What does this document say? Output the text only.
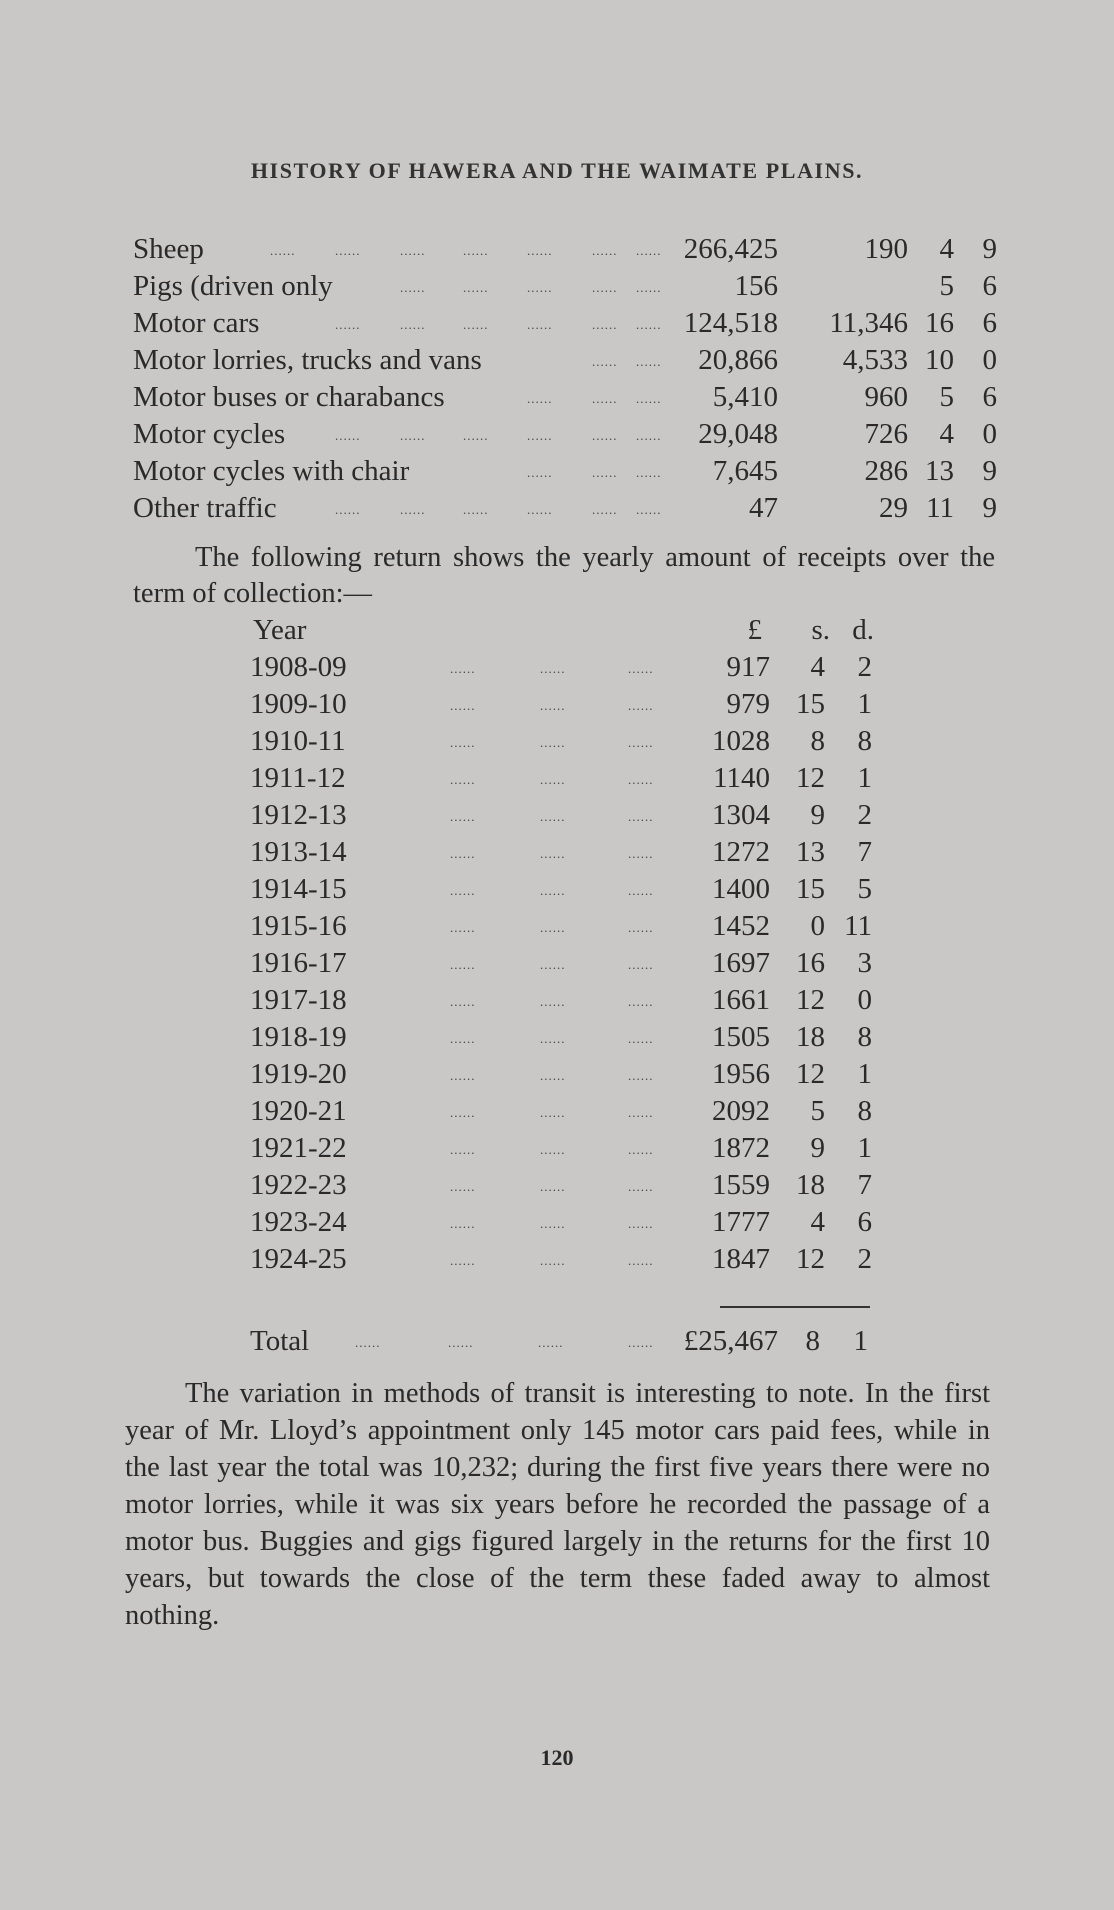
HISTORY OF HAWERA AND THE WAIMATE PLAINS.
Sheep	......	......	......	......	......	...... ...... 266,425	190	4 9
Pigs (driven only	......	......	......	...... ......	156	5 6
Motor cars	......	......	......	......	...... ...... 124,518	11,346 16 6
Motor lorries, trucks and vans	...... ......	20,866	4,533 10 0
Motor buses or charabancs	......	...... ......	5,410	960	5 6
Motor cycles	......	......	......	......	...... ......	29,048	726	4 0
Motor cycles with chair	......	...... ......	7,645	286 13 9
Other traffic	......	......	......	......	...... ......	47	29 11 9
The following return shows the yearly amount of receipts over the term of collection:—
Year	£	s. d.
1908-09	......	......	......	917	4	2
1909-10	......	......	......	979 15	1
1910-11	......	......	......	1028	8	8
1911-12	......	......	......	1140 12	1
1912-13	......	......	......	1304	9	2
1913-14	......	......	......	1272 13	7
1914-15	......	......	......	1400 15	5
1915-16	......	......	......	1452	0 11
1916-17	......	......	......	1697 16	3
1917-18	......	......	......	1661 12	0
1918-19	......	......	......	1505 18	8
1919-20	......	......	......	1956 12	1
1920-21	......	......	......	2092	5	8
1921-22	......	......	......	1872	9	1
1922-23	......	......	......	1559 18	7
1923-24	......	......	......	1777	4	6
1924-25	......	......	......	1847 12	2
Total	......	......	......	......	£25,467 8	1
The variation in methods of transit is interesting to note. In the first year of Mr. Lloyd’s appointment only 145 motor cars paid fees, while in the last year the total was 10,232; during the first five years there were no motor lorries, while it was six years before he recorded the passage of a motor bus. Buggies and gigs figured largely in the returns for the first 10 years, but towards the close of the term these faded away to almost nothing.
120
